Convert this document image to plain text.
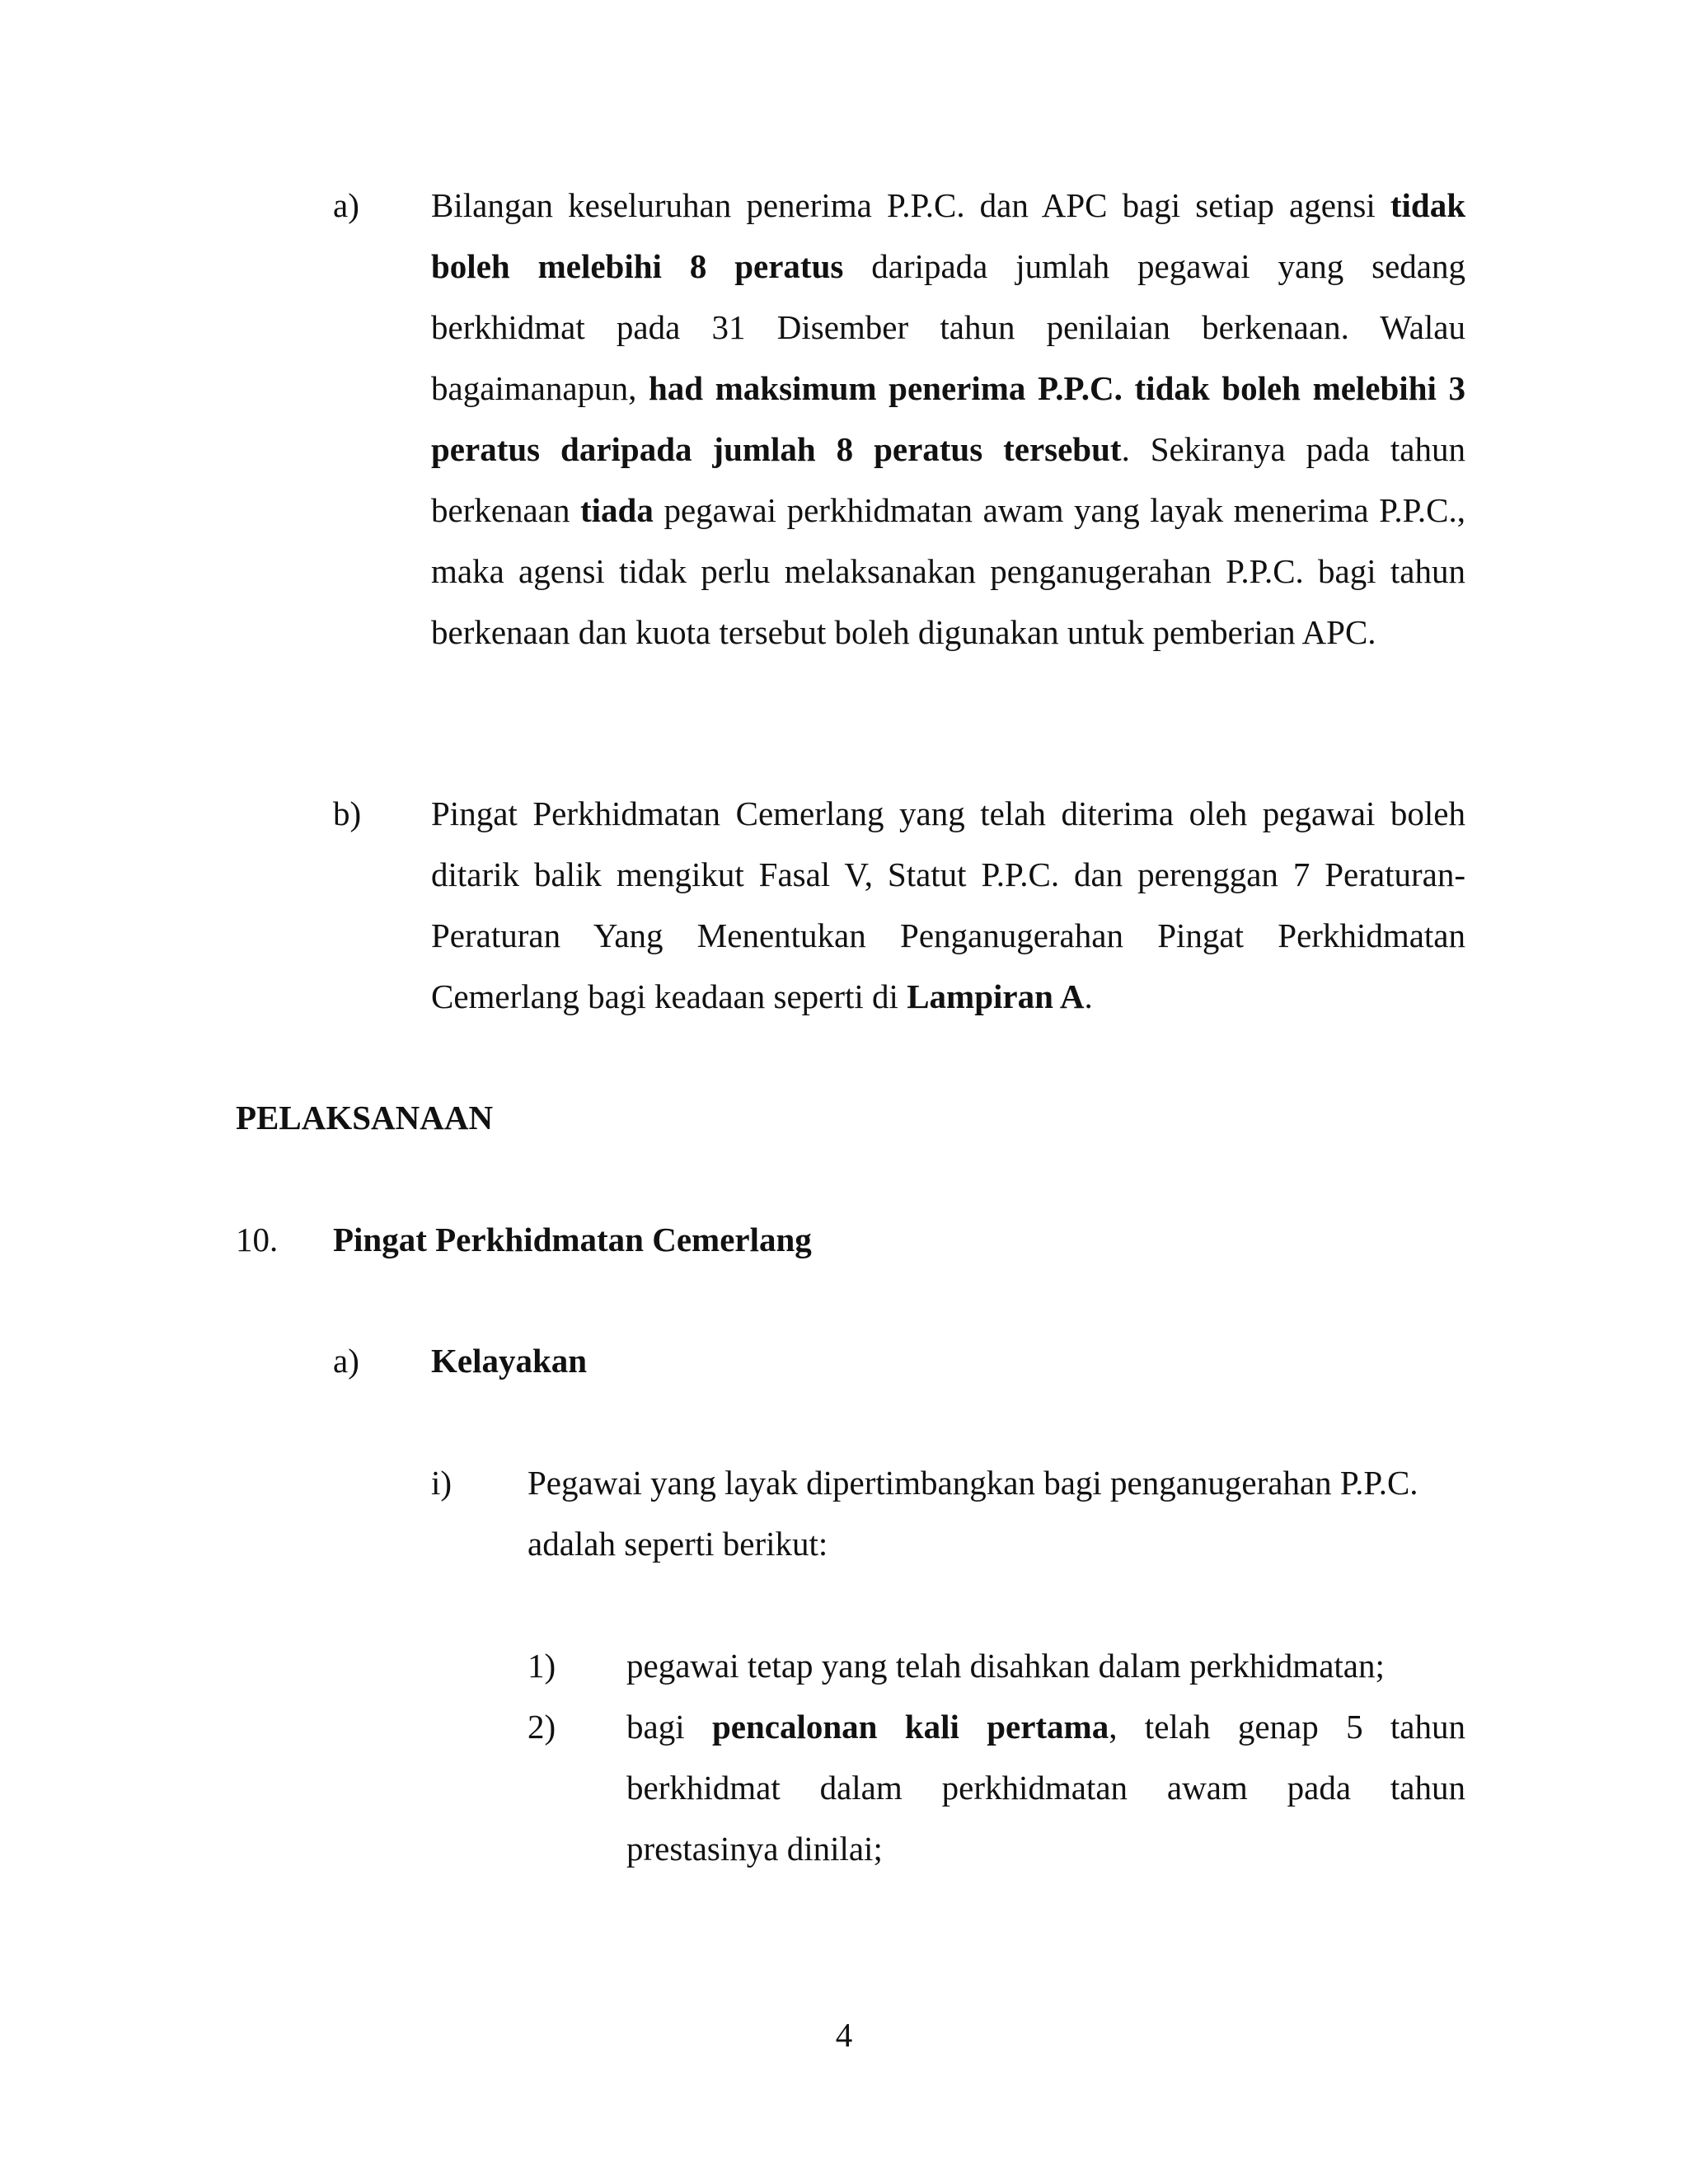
a) Bilangan keseluruhan penerima P.P.C. dan APC bagi setiap agensi tidak boleh melebihi 8 peratus daripada jumlah pegawai yang sedang berkhidmat pada 31 Disember tahun penilaian berkenaan. Walau bagaimanapun, had maksimum penerima P.P.C. tidak boleh melebihi 3 peratus daripada jumlah 8 peratus tersebut. Sekiranya pada tahun berkenaan tiada pegawai perkhidmatan awam yang layak menerima P.P.C., maka agensi tidak perlu melaksanakan penganugerahan P.P.C. bagi tahun berkenaan dan kuota tersebut boleh digunakan untuk pemberian APC.
b) Pingat Perkhidmatan Cemerlang yang telah diterima oleh pegawai boleh ditarik balik mengikut Fasal V, Statut P.P.C. dan perenggan 7 Peraturan-Peraturan Yang Menentukan Penganugerahan Pingat Perkhidmatan Cemerlang bagi keadaan seperti di Lampiran A.
PELAKSANAAN
10. Pingat Perkhidmatan Cemerlang
a) Kelayakan
i) Pegawai yang layak dipertimbangkan bagi penganugerahan P.P.C. adalah seperti berikut:
1) pegawai tetap yang telah disahkan dalam perkhidmatan;
2) bagi pencalonan kali pertama, telah genap 5 tahun berkhidmat dalam perkhidmatan awam pada tahun prestasinya dinilai;
4
